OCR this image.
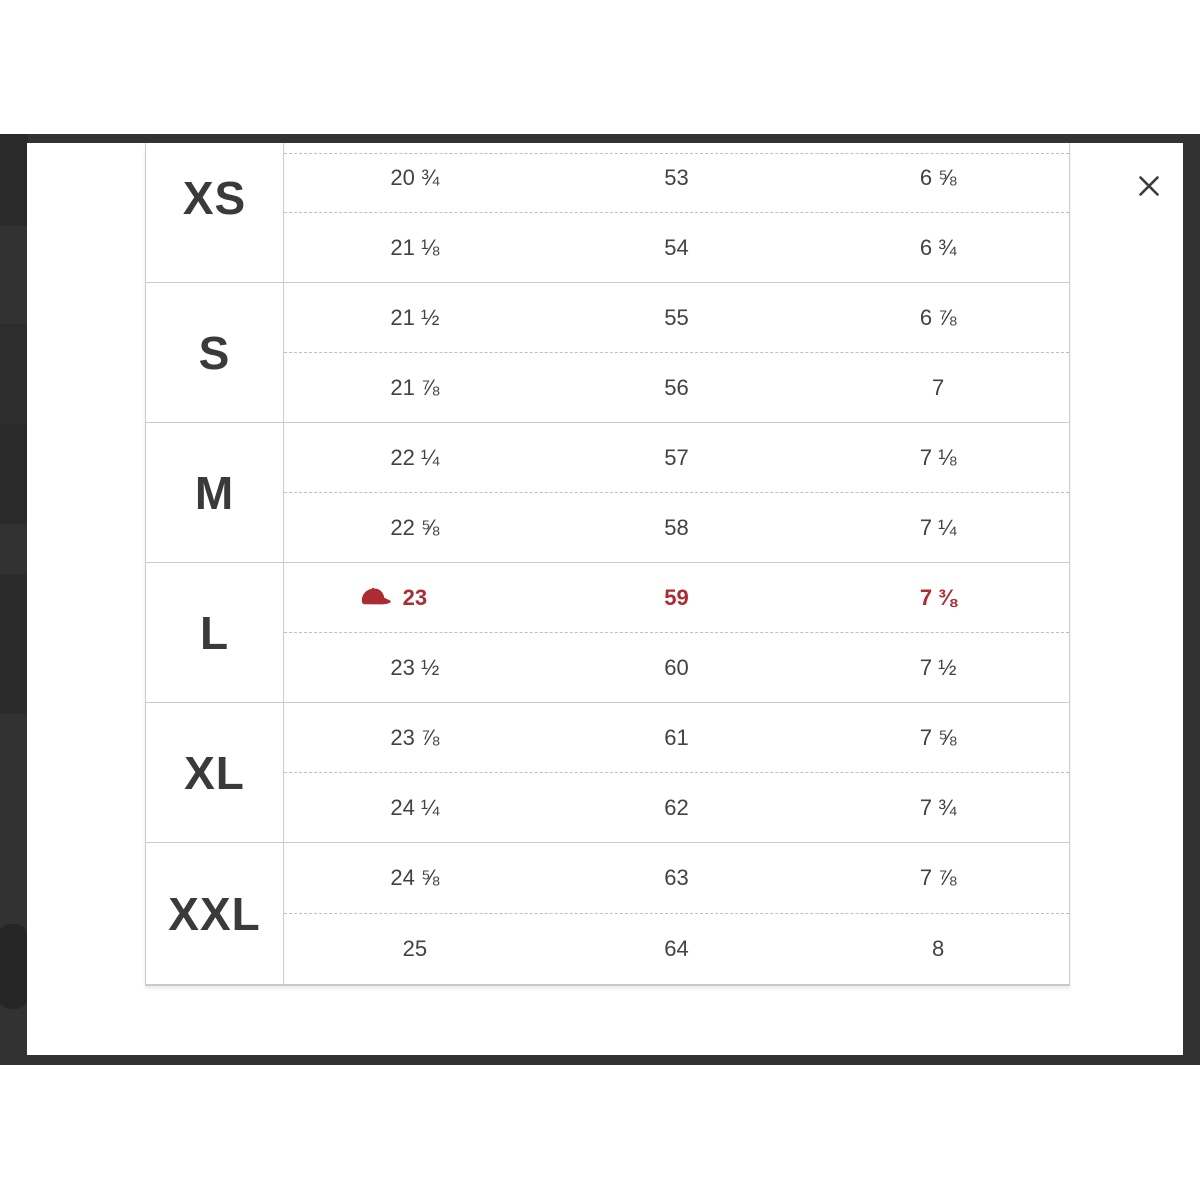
XS	20 ¾	53	6 ⅝
21 ⅛	54	6 ¾
S
21 ½	55	6 ⅞
21 ⅞	56	7
M
22 ¼	57	7 ⅛
22 ⅝	58	7 ¼
L
23	59	7 ⅜
23 ½	60	7 ½
XL
23 ⅞	61	7 ⅝
24 ¼	62	7 ¾
XXL
24 ⅝	63	7 ⅞
25	64	8
